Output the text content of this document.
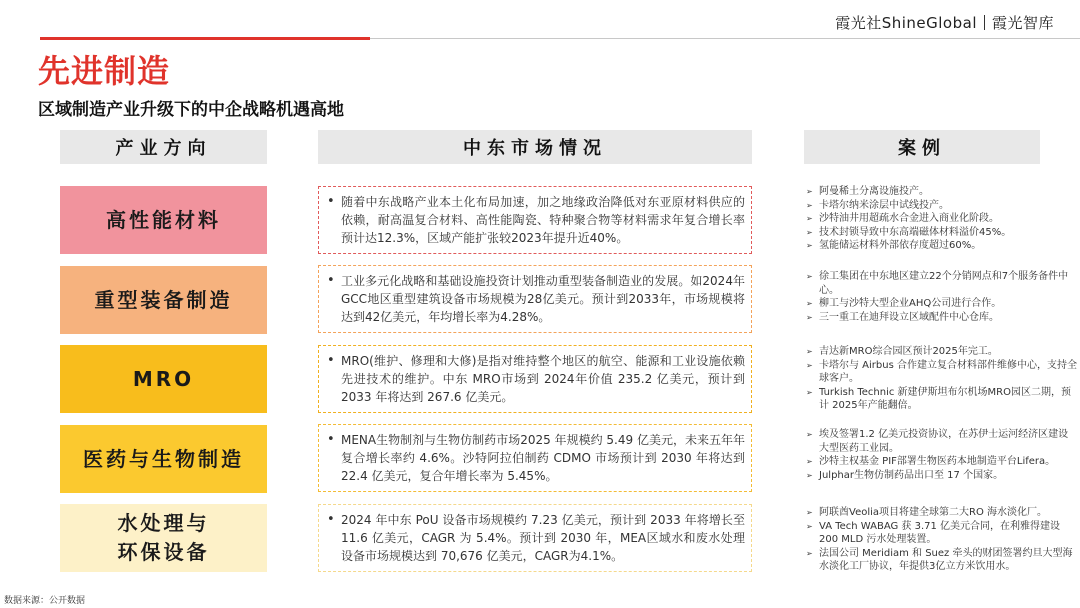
霞光社ShineGlobal 霞光智库
先进制造
区域制造产业升级下的中企战略机遇高地
产业方向	中东市场情况	案例
高性能材料
• 随着中东战略产业本土化布局加速，加之地缘政治降低对东亚原材料供应的依赖，耐高温复合材料、高性能陶瓷、特种聚合物等材料需求年复合增长率预计达12.3%，区域产能扩张较2023年提升近40%。
➢ 阿曼稀土分离设施投产。
➢ 卡塔尔纳米涂层中试线投产。
➢ 沙特油井用超疏水合金进入商业化阶段。
➢ 技术封锁导致中东高端磁体材料溢价45%。
➢ 氢能储运材料外部依存度超过60%。
重型装备制造
• 工业多元化战略和基础设施投资计划推动重型装备制造业的发展。如2024年GCC地区重型建筑设备市场规模为28亿美元。预计到2033年，市场规模将达到42亿美元，年均增长率为4.28%。
➢ 徐工集团在中东地区建立22个分销网点和7个服务备件中心。
➢ 柳工与沙特大型企业AHQ公司进行合作。
➢ 三一重工在迪拜设立区域配件中心仓库。
MRO
• MRO(维护、修理和大修)是指对维持整个地区的航空、能源和工业设施依赖先进技术的维护。中东 MRO市场到 2024年价值 235.2 亿美元，预计到 2033 年将达到 267.6 亿美元。
➢ 吉达新MRO综合园区预计2025年完工。
➢ 卡塔尔与 Airbus 合作建立复合材料部件维修中心，支持全球客户。
➢ Turkish Technic 新建伊斯坦布尔机场MRO园区二期，预计 2025年产能翻倍。
医药与生物制造
• MENA生物制剂与生物仿制药市场2025 年规模约 5.49 亿美元，未来五年年复合增长率约 4.6%。沙特阿拉伯制药 CDMO 市场预计到 2030 年将达到 22.4 亿美元，复合年增长率为 5.45%。
➢ 埃及签署1.2 亿美元投资协议，在苏伊士运河经济区建设大型医药工业园。
➢ 沙特主权基金 PIF部署生物医药本地制造平台Lifera。
➢ Julphar生物仿制药品出口至 17 个国家。
水处理与
环保设备
• 2024 年中东 PoU 设备市场规模约 7.23 亿美元，预计到 2033 年将增长至 11.6 亿美元，CAGR 为 5.4%。预计到 2030 年，MEA区域水和废水处理设备市场规模达到 70,676 亿美元，CAGR为4.1%。
➢ 阿联酋Veolia项目将建全球第二大RO 海水淡化厂。
➢ VA Tech WABAG 获 3.71 亿美元合同，在利雅得建设 200 MLD 污水处理装置。
➢ 法国公司 Meridiam 和 Suez 牵头的财团签署约旦大型海水淡化工厂协议，年提供3亿立方米饮用水。
数据来源：公开数据
